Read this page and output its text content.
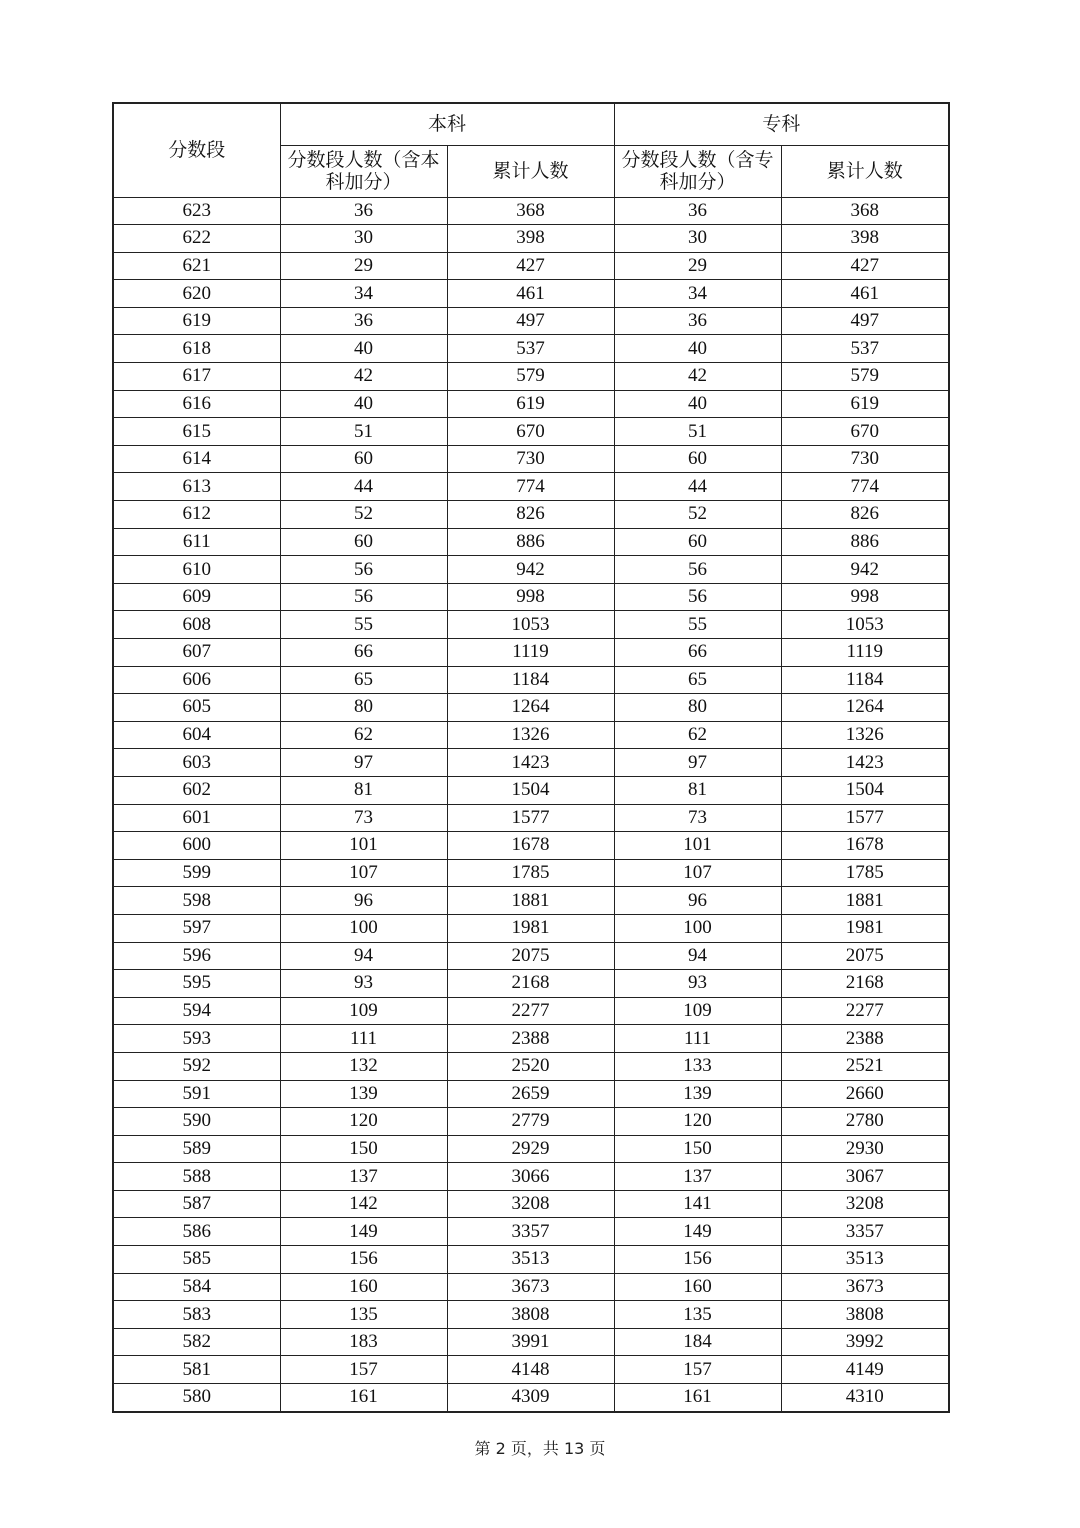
分数段	本科		专科	
	分数段人数（含本科加分）	累计人数	分数段人数（含专科加分）	累计人数
623	36	368	36	368
622	30	398	30	398
621	29	427	29	427
620	34	461	34	461
619	36	497	36	497
618	40	537	40	537
617	42	579	42	579
616	40	619	40	619
615	51	670	51	670
614	60	730	60	730
613	44	774	44	774
612	52	826	52	826
611	60	886	60	886
610	56	942	56	942
609	56	998	56	998
608	55	1053	55	1053
607	66	1119	66	1119
606	65	1184	65	1184
605	80	1264	80	1264
604	62	1326	62	1326
603	97	1423	97	1423
602	81	1504	81	1504
601	73	1577	73	1577
600	101	1678	101	1678
599	107	1785	107	1785
598	96	1881	96	1881
597	100	1981	100	1981
596	94	2075	94	2075
595	93	2168	93	2168
594	109	2277	109	2277
593	111	2388	111	2388
592	132	2520	133	2521
591	139	2659	139	2660
590	120	2779	120	2780
589	150	2929	150	2930
588	137	3066	137	3067
587	142	3208	141	3208
586	149	3357	149	3357
585	156	3513	156	3513
584	160	3673	160	3673
583	135	3808	135	3808
582	183	3991	184	3992
581	157	4148	157	4149
580	161	4309	161	4310
第 2 页，共 13 页
